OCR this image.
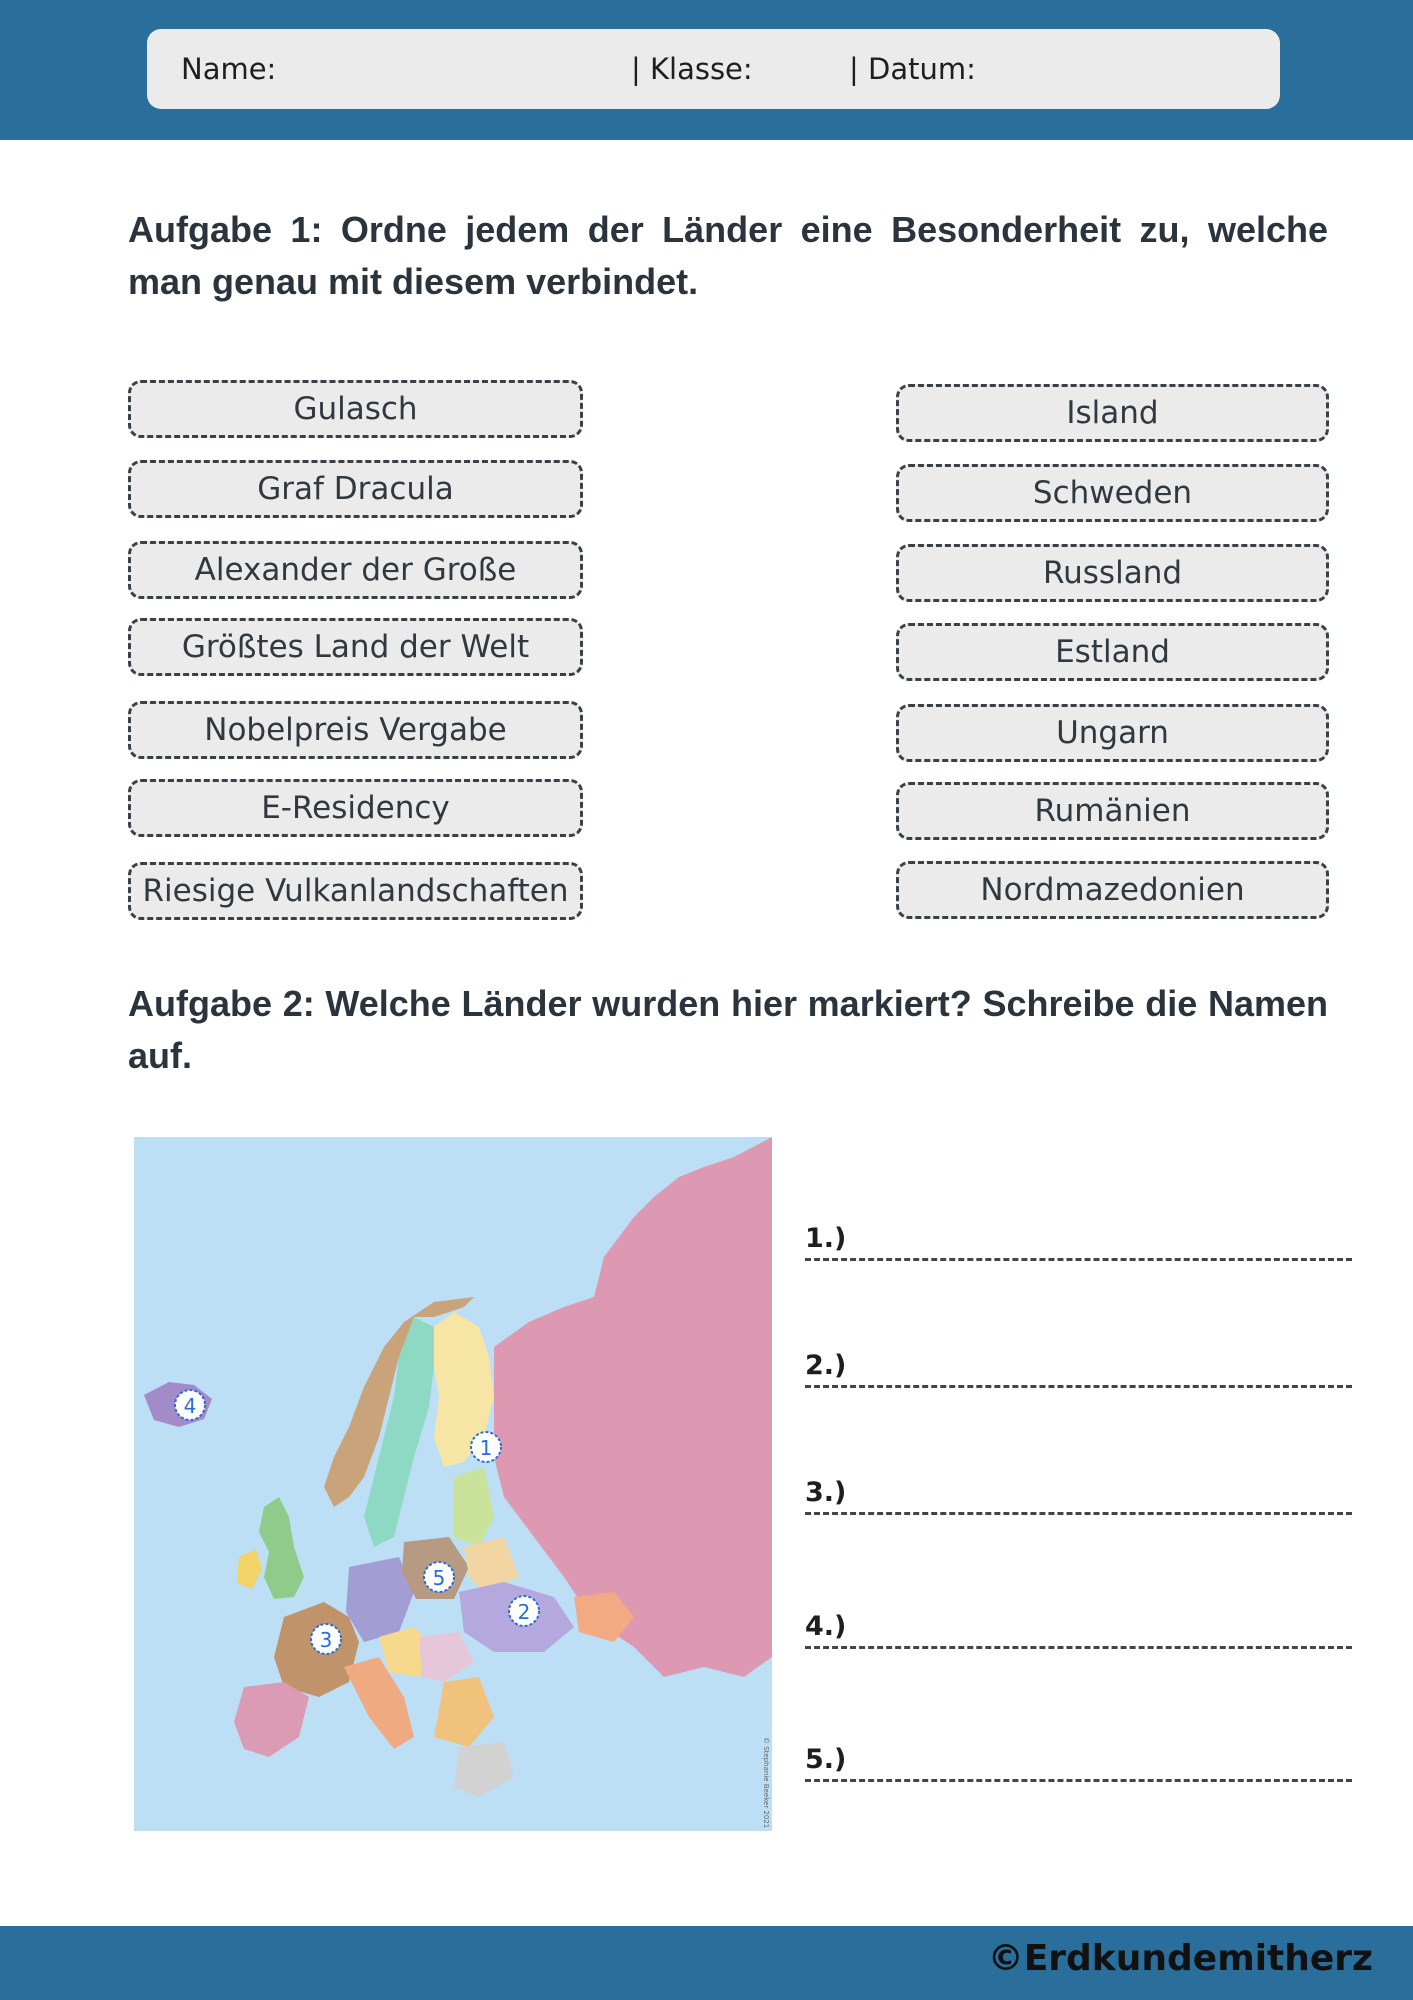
Name:	| Klasse:	| Datum:
Aufgabe 1: Ordne jedem der Länder eine Besonderheit zu, welche man genau mit diesem verbindet.
Gulasch
Graf Dracula
Alexander der Große
Größtes Land der Welt
Nobelpreis Vergabe
E-Residency
Riesige Vulkanlandschaften
Island
Schweden
Russland
Estland
Ungarn
Rumänien
Nordmazedonien
Aufgabe 2: Welche Länder wurden hier markiert? Schreibe die Namen auf.
1
2
3
4
5
© Stephanie Beeker 2021
1.)
2.)
3.)
4.)
5.)
©Erdkundemitherz
